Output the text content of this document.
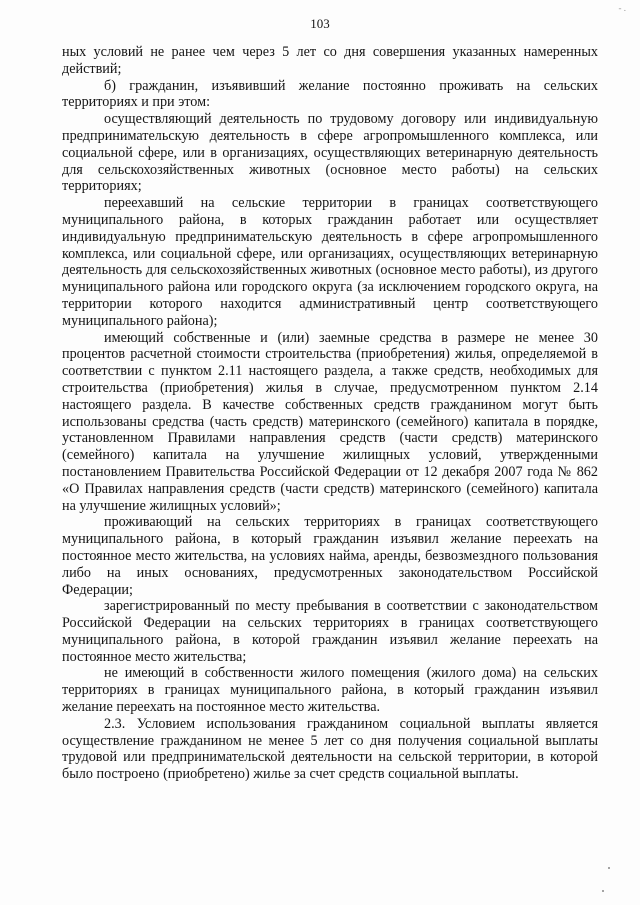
- .
103

ных условий не ранее чем через 5 лет со дня совершения указанных намеренных действий;

б) гражданин, изъявивший желание постоянно проживать на сельских территориях и при этом:

осуществляющий деятельность по трудовому договору или индивидуальную предпринимательскую деятельность в сфере агропромышленного комплекса, или социальной сфере, или в организациях, осуществляющих ветеринарную деятельность для сельскохозяйственных животных (основное место работы) на сельских территориях;

переехавший на сельские территории в границах соответствующего муниципального района, в которых гражданин работает или осуществляет индивидуальную предпринимательскую деятельность в сфере агропромышленного комплекса, или социальной сфере, или организациях, осуществляющих ветеринарную деятельность для сельскохозяйственных животных (основное место работы), из другого муниципального района или городского округа (за исключением городского округа, на территории которого находится административный центр соответствующего муниципального района);

имеющий собственные и (или) заемные средства в размере не менее 30 процентов расчетной стоимости строительства (приобретения) жилья, определяемой в соответствии с пунктом 2.11 настоящего раздела, а также средств, необходимых для строительства (приобретения) жилья в случае, предусмотренном пунктом 2.14 настоящего раздела. В качестве собственных средств гражданином могут быть использованы средства (часть средств) материнского (семейного) капитала в порядке, установленном Правилами направления средств (части средств) материнского (семейного) капитала на улучшение жилищных условий, утвержденными постановлением Правительства Российской Федерации от 12 декабря 2007 года № 862 «О Правилах направления средств (части средств) материнского (семейного) капитала на улучшение жилищных условий»;

проживающий на сельских территориях в границах соответствующего муниципального района, в который гражданин изъявил желание переехать на постоянное место жительства, на условиях найма, аренды, безвозмездного пользования либо на иных основаниях, предусмотренных законодательством Российской Федерации;

зарегистрированный по месту пребывания в соответствии с законодательством Российской Федерации на сельских территориях в границах соответствующего муниципального района, в которой гражданин изъявил желание переехать на постоянное место жительства;

не имеющий в собственности жилого помещения (жилого дома) на сельских территориях в границах муниципального района, в который гражданин изъявил желание переехать на постоянное место жительства.

2.3. Условием использования гражданином социальной выплаты является осуществление гражданином не менее 5 лет со дня получения социальной выплаты трудовой или предпринимательской деятельности на сельской территории, в которой было построено (приобретено) жилье за счет средств социальной выплаты.
